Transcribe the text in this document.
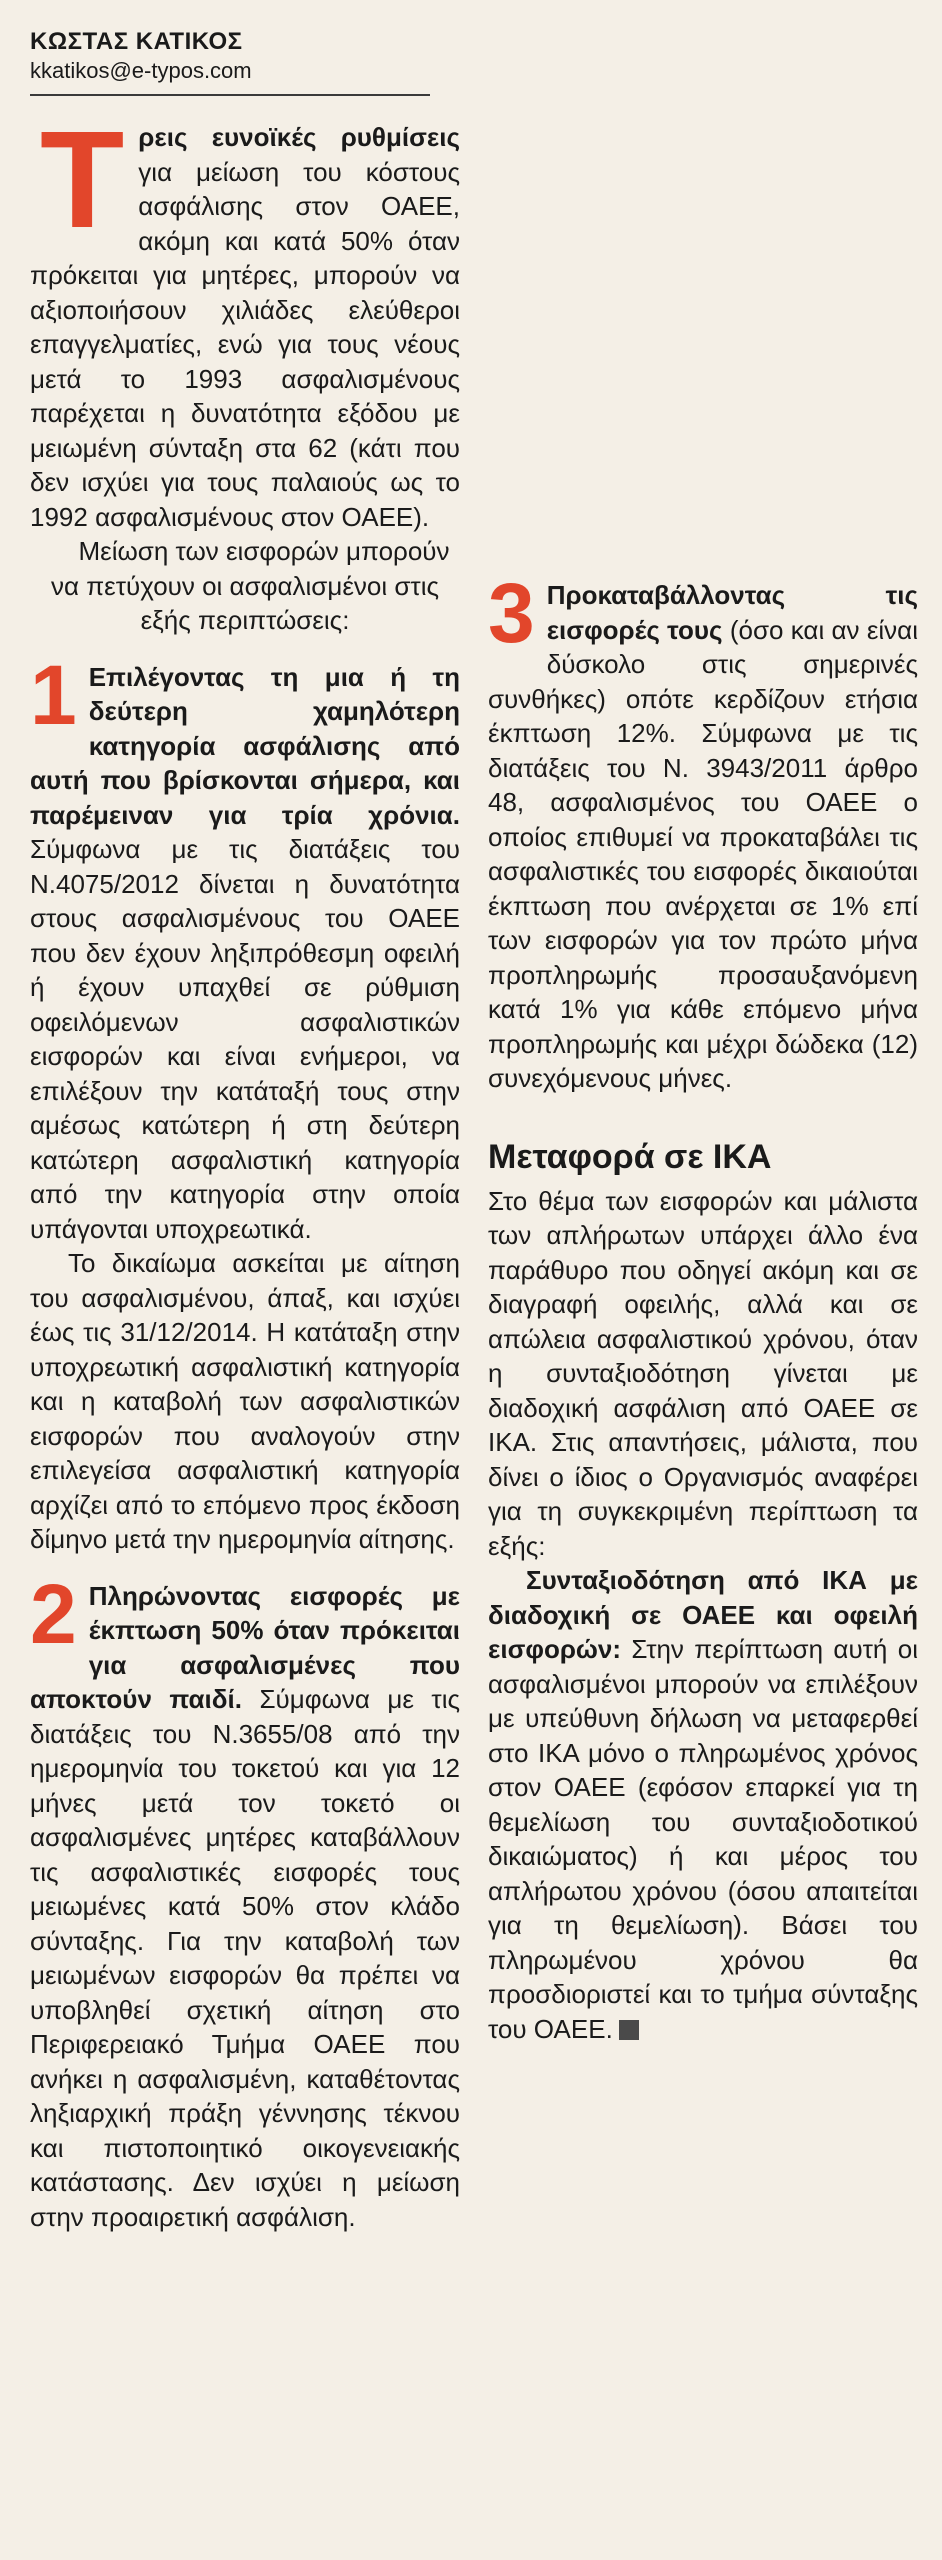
ΚΩΣΤΑΣ ΚΑΤΙΚΟΣ
kkatikos@e-typos.com

Τρεις ευνοϊκές ρυθμίσεις για μείωση του κόστους ασφάλισης στον ΟΑΕΕ, ακόμη και κατά 50% όταν πρόκειται για μητέρες, μπορούν να αξιοποιήσουν χιλιάδες ελεύθεροι επαγγελματίες, ενώ για τους νέους μετά το 1993 ασφαλισμένους παρέχεται η δυνατότητα εξόδου με μειωμένη σύνταξη στα 62 (κάτι που δεν ισχύει για τους παλαιούς ως το 1992 ασφαλισμένους στον ΟΑΕΕ).

Μείωση των εισφορών μπορούν να πετύχουν οι ασφαλισμένοι στις εξής περιπτώσεις:

1 Επιλέγοντας τη μια ή τη δεύτερη χαμηλότερη κατηγορία ασφάλισης από αυτή που βρίσκονται σήμερα, και παρέμειναν για τρία χρόνια. Σύμφωνα με τις διατάξεις του Ν.4075/2012 δίνεται η δυνατότητα στους ασφαλισμένους του ΟΑΕΕ που δεν έχουν ληξιπρόθεσμη οφειλή ή έχουν υπαχθεί σε ρύθμιση οφειλόμενων ασφαλιστικών εισφορών και είναι ενήμεροι, να επιλέξουν την κατάταξή τους στην αμέσως κατώτερη ή στη δεύτερη κατώτερη ασφαλιστική κατηγορία από την κατηγορία στην οποία υπάγονται υποχρεωτικά.

Το δικαίωμα ασκείται με αίτηση του ασφαλισμένου, άπαξ, και ισχύει έως τις 31/12/2014. Η κατάταξη στην υποχρεωτική ασφαλιστική κατηγορία και η καταβολή των ασφαλιστικών εισφορών που αναλογούν στην επιλεγείσα ασφαλιστική κατηγορία αρχίζει από το επόμενο προς έκδοση δίμηνο μετά την ημερομηνία αίτησης.

2 Πληρώνοντας εισφορές με έκπτωση 50% όταν πρόκειται για ασφαλισμένες που αποκτούν παιδί. Σύμφωνα με τις διατάξεις του Ν.3655/08 από την ημερομηνία του τοκετού και για 12 μήνες μετά τον τοκετό οι ασφαλισμένες μητέρες καταβάλλουν τις ασφαλιστικές εισφορές τους μειωμένες κατά 50% στον κλάδο σύνταξης. Για την καταβολή των μειωμένων εισφορών θα πρέπει να υποβληθεί σχετική αίτηση στο Περιφερειακό Τμήμα ΟΑΕΕ που ανήκει η ασφαλισμένη, καταθέτοντας ληξιαρχική πράξη γέννησης τέκνου και πιστοποιητικό οικογενειακής κατάστασης. Δεν ισχύει η μείωση στην προαιρετική ασφάλιση.

3 Προκαταβάλλοντας τις εισφορές τους (όσο και αν είναι δύσκολο στις σημερινές συνθήκες) οπότε κερδίζουν ετήσια έκπτωση 12%. Σύμφωνα με τις διατάξεις του Ν. 3943/2011 άρθρο 48, ασφαλισμένος του ΟΑΕΕ ο οποίος επιθυμεί να προκαταβάλει τις ασφαλιστικές του εισφορές δικαιούται έκπτωση που ανέρχεται σε 1% επί των εισφορών για τον πρώτο μήνα προπληρωμής προσαυξανόμενη κατά 1% για κάθε επόμενο μήνα προπληρωμής και μέχρι δώδεκα (12) συνεχόμενους μήνες.

Μεταφορά σε ΙΚΑ

Στο θέμα των εισφορών και μάλιστα των απλήρωτων υπάρχει άλλο ένα παράθυρο που οδηγεί ακόμη και σε διαγραφή οφειλής, αλλά και σε απώλεια ασφαλιστικού χρόνου, όταν η συνταξιοδότηση γίνεται με διαδοχική ασφάλιση από ΟΑΕΕ σε ΙΚΑ. Στις απαντήσεις, μάλιστα, που δίνει ο ίδιος ο Οργανισμός αναφέρει για τη συγκεκριμένη περίπτωση τα εξής:

Συνταξιοδότηση από ΙΚΑ με διαδοχική σε ΟΑΕΕ και οφειλή εισφορών: Στην περίπτωση αυτή οι ασφαλισμένοι μπορούν να επιλέξουν με υπεύθυνη δήλωση να μεταφερθεί στο ΙΚΑ μόνο ο πληρωμένος χρόνος στον ΟΑΕΕ (εφόσον επαρκεί για τη θεμελίωση του συνταξιοδοτικού δικαιώματος) ή και μέρος του απλήρωτου χρόνου (όσου απαιτείται για τη θεμελίωση). Βάσει του πληρωμένου χρόνου θα προσδιοριστεί και το τμήμα σύνταξης του ΟΑΕΕ.
